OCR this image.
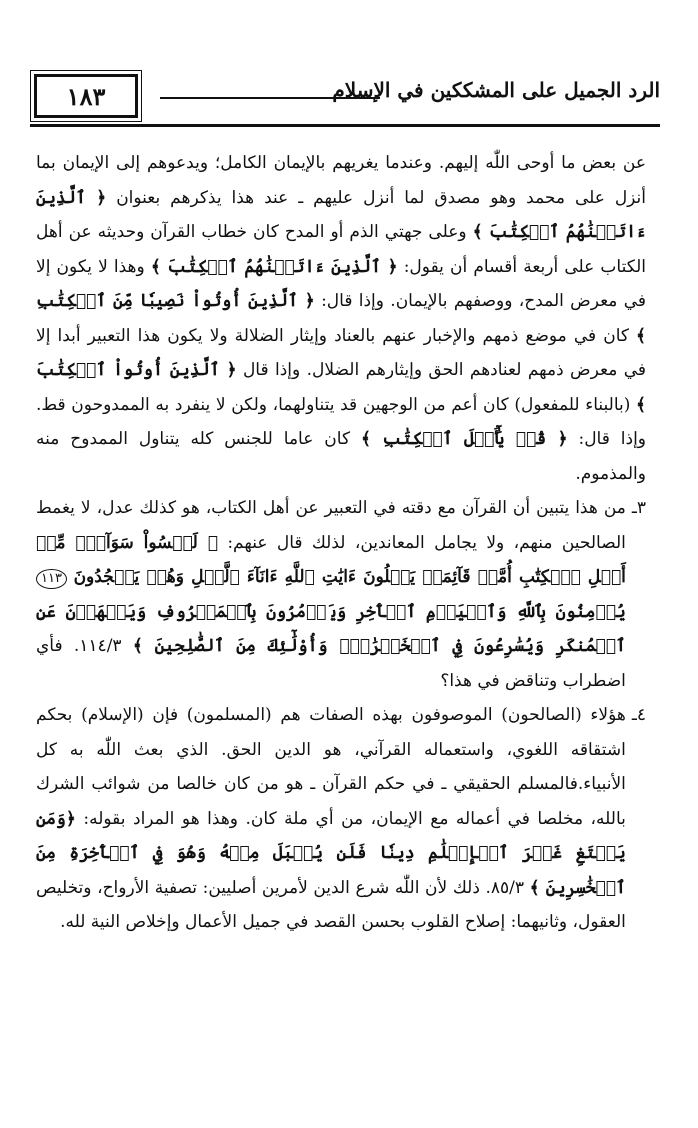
١٨٣	الرد الجميل على المشككين في الإسلام

عن بعض ما أوحى اللّٰه إليهم. وعندما يغريهم بالإيمان الكامل؛ ويدعوهم إلى الإيمان بما أنزل على محمد وهو مصدق لما أنزل عليهم ـ عند هذا يذكرهم بعنوان ﴿ ٱلَّذِينَ ءَاتَيۡنَٰهُمُ ٱلۡكِتَٰبَ ﴾ وعلى جهتي الذم أو المدح كان خطاب القرآن وحديثه عن أهل الكتاب على أربعة أقسام أن يقول: ﴿ ٱلَّذِينَ ءَاتَيۡنَٰهُمُ ٱلۡكِتَٰبَ ﴾ وهذا لا يكون إلا في معرض المدح، ووصفهم بالإيمان. وإذا قال: ﴿ ٱلَّذِينَ أُوتُواْ نَصِيبٗا مِّنَ ٱلۡكِتَٰبِ ﴾ كان في موضع ذمهم والإخبار عنهم بالعناد وإيثار الضلالة ولا يكون هذا التعبير أبدا إلا في معرض ذمهم لعنادهم الحق وإيثارهم الضلال. وإذا قال ﴿ ٱلَّذِينَ أُوتُواْ ٱلۡكِتَٰبَ ﴾ (بالبناء للمفعول) كان أعم من الوجهين قد يتناولهما، ولكن لا ينفرد به الممدوحون قط. وإذا قال: ﴿ قُلۡ يَٰٓأَهۡلَ ٱلۡكِتَٰبِ ﴾ كان عاما للجنس كله يتناول الممدوح منه والمذموم.

٣ـ
من هذا يتبين أن القرآن مع دقته في التعبير عن أهل الكتاب، هو كذلك عدل، لا يغمط الصالحين منهم، ولا يجامل المعاندين، لذلك قال عنهم: ﴿ لَيۡسُواْ سَوَآءٗۗ مِّنۡ أَهۡلِ ٱلۡكِتَٰبِ أُمَّةٞ قَآئِمَةٞ يَتۡلُونَ ءَايَٰتِ ٱللَّهِ ءَانَآءَ ٱلَّيۡلِ وَهُمۡ يَسۡجُدُونَ ١١٣ يُؤۡمِنُونَ بِٱللَّهِ وَٱلۡيَوۡمِ ٱلۡأٓخِرِ وَيَأۡمُرُونَ بِٱلۡمَعۡرُوفِ وَيَنۡهَوۡنَ عَنِ ٱلۡمُنكَرِ وَيُسَٰرِعُونَ فِي ٱلۡخَيۡرَٰتِۖ وَأُوْلَٰٓئِكَ مِنَ ٱلصَّٰلِحِينَ ﴾ ١١٤/٣. فأي اضطراب وتناقض في هذا؟
٤ـ
هؤلاء (الصالحون) الموصوفون بهذه الصفات هم (المسلمون) فإن (الإسلام) بحكم اشتقاقه اللغوي، واستعماله القرآني، هو الدين الحق. الذي بعث اللّٰه به كل الأنبياء.فالمسلم الحقيقي ـ في حكم القرآن ـ هو من كان خالصا من شوائب الشرك بالله، مخلصا في أعماله مع الإيمان، من أي ملة كان. وهذا هو المراد بقوله: ﴿وَمَن يَبۡتَغِ غَيۡرَ ٱلۡإِسۡلَٰمِ دِينٗا فَلَن يُقۡبَلَ مِنۡهُ وَهُوَ فِي ٱلۡأٓخِرَةِ مِنَ ٱلۡخَٰسِرِينَ ﴾ ٨٥/٣. ذلك لأن اللّٰه شرع الدين لأمرين أصليين: تصفية الأرواح، وتخليص العقول، وثانيهما: إصلاح القلوب بحسن القصد في جميل الأعمال وإخلاص النية لله.
